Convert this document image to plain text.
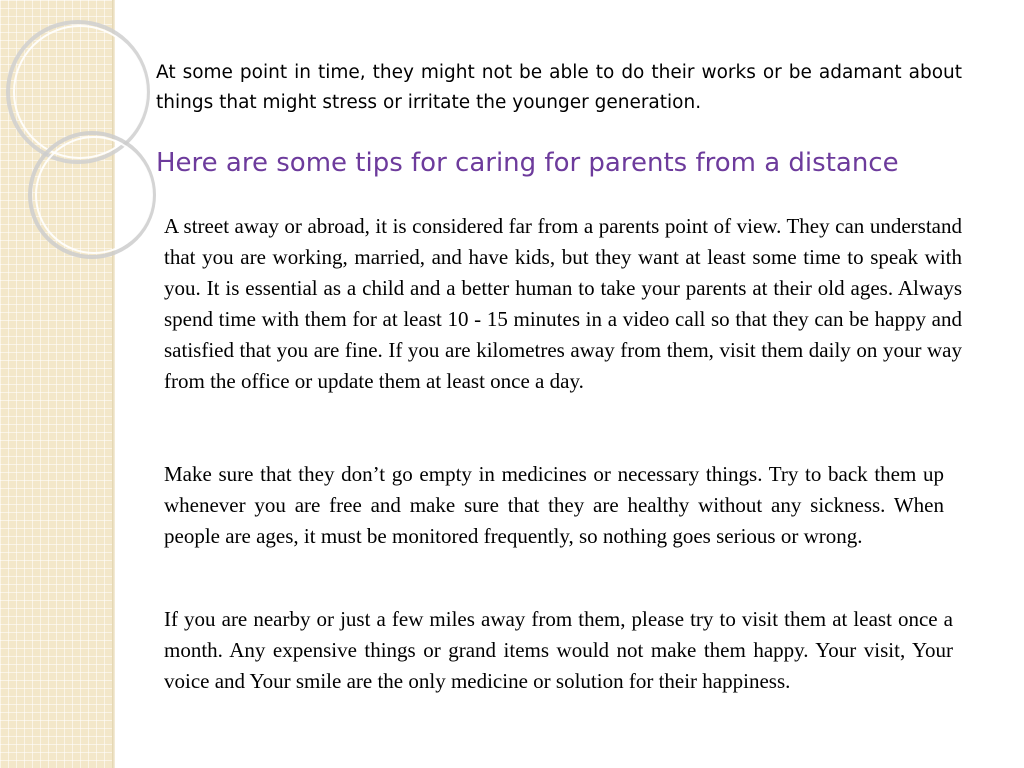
At some point in time, they might not be able to do their works or be adamant about things that might stress or irritate the younger generation.

Here are some tips for caring for parents from a distance

A street away or abroad, it is considered far from a parents point of view. They can understand that you are working, married, and have kids, but they want at least some time to speak with you. It is essential as a child and a better human to take your parents at their old ages. Always spend time with them for at least 10 - 15 minutes in a video call so that they can be happy and satisfied that you are fine. If you are kilometres away from them, visit them daily on your way from the office or update them at least once a day.

Make sure that they don’t go empty in medicines or necessary things. Try to back them up whenever you are free and make sure that they are healthy without any sickness. When people are ages, it must be monitored frequently, so nothing goes serious or wrong.

If you are nearby or just a few miles away from them, please try to visit them at least once a month. Any expensive things or grand items would not make them happy. Your visit, Your voice and Your smile are the only medicine or solution for their happiness.
